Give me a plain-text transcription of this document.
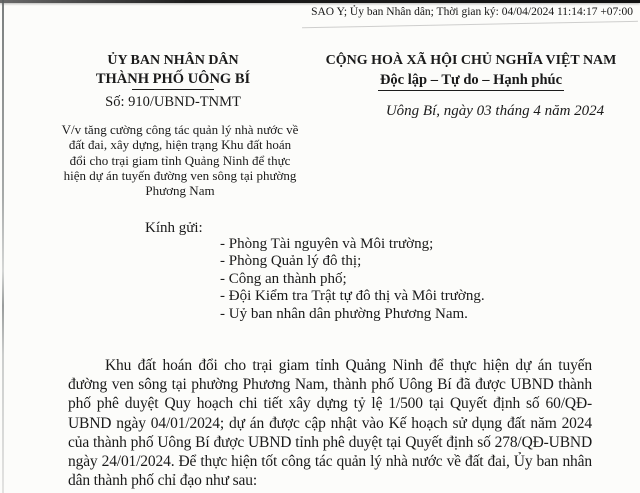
SAO Y; Ủy ban Nhân dân; Thời gian ký: 04/04/2024 11:14:17 +07:00
ỦY BAN NHÂN DÂN
THÀNH PHỐ UÔNG BÍ
Số: 910/UBND-TNMT
V/v tăng cường công tác quản lý nhà nước về đất đai, xây dựng, hiện trạng Khu đất hoán đổi cho trại giam tỉnh Quảng Ninh để thực hiện dự án tuyến đường ven sông tại phường Phương Nam
CỘNG HOÀ XÃ HỘI CHỦ NGHĨA VIỆT NAM
Độc lập – Tự do – Hạnh phúc
Uông Bí, ngày 03 tháng 4 năm 2024
Kính gửi:
- Phòng Tài nguyên và Môi trường;
- Phòng Quản lý đô thị;
- Công an thành phố;
- Đội Kiểm tra Trật tự đô thị và Môi trường.
- Uỷ ban nhân dân phường Phương Nam.
Khu đất hoán đổi cho trại giam tỉnh Quảng Ninh để thực hiện dự án tuyến đường ven sông tại phường Phương Nam, thành phố Uông Bí đã được UBND thành phố phê duyệt Quy hoạch chi tiết xây dựng tỷ lệ 1/500 tại Quyết định số 60/QĐ-UBND ngày 04/01/2024; dự án được cập nhật vào Kế hoạch sử dụng đất năm 2024 của thành phố Uông Bí được UBND tỉnh phê duyệt tại Quyết định số 278/QĐ-UBND ngày 24/01/2024. Để thực hiện tốt công tác quản lý nhà nước về đất đai, Ủy ban nhân dân thành phố chỉ đạo như sau:
